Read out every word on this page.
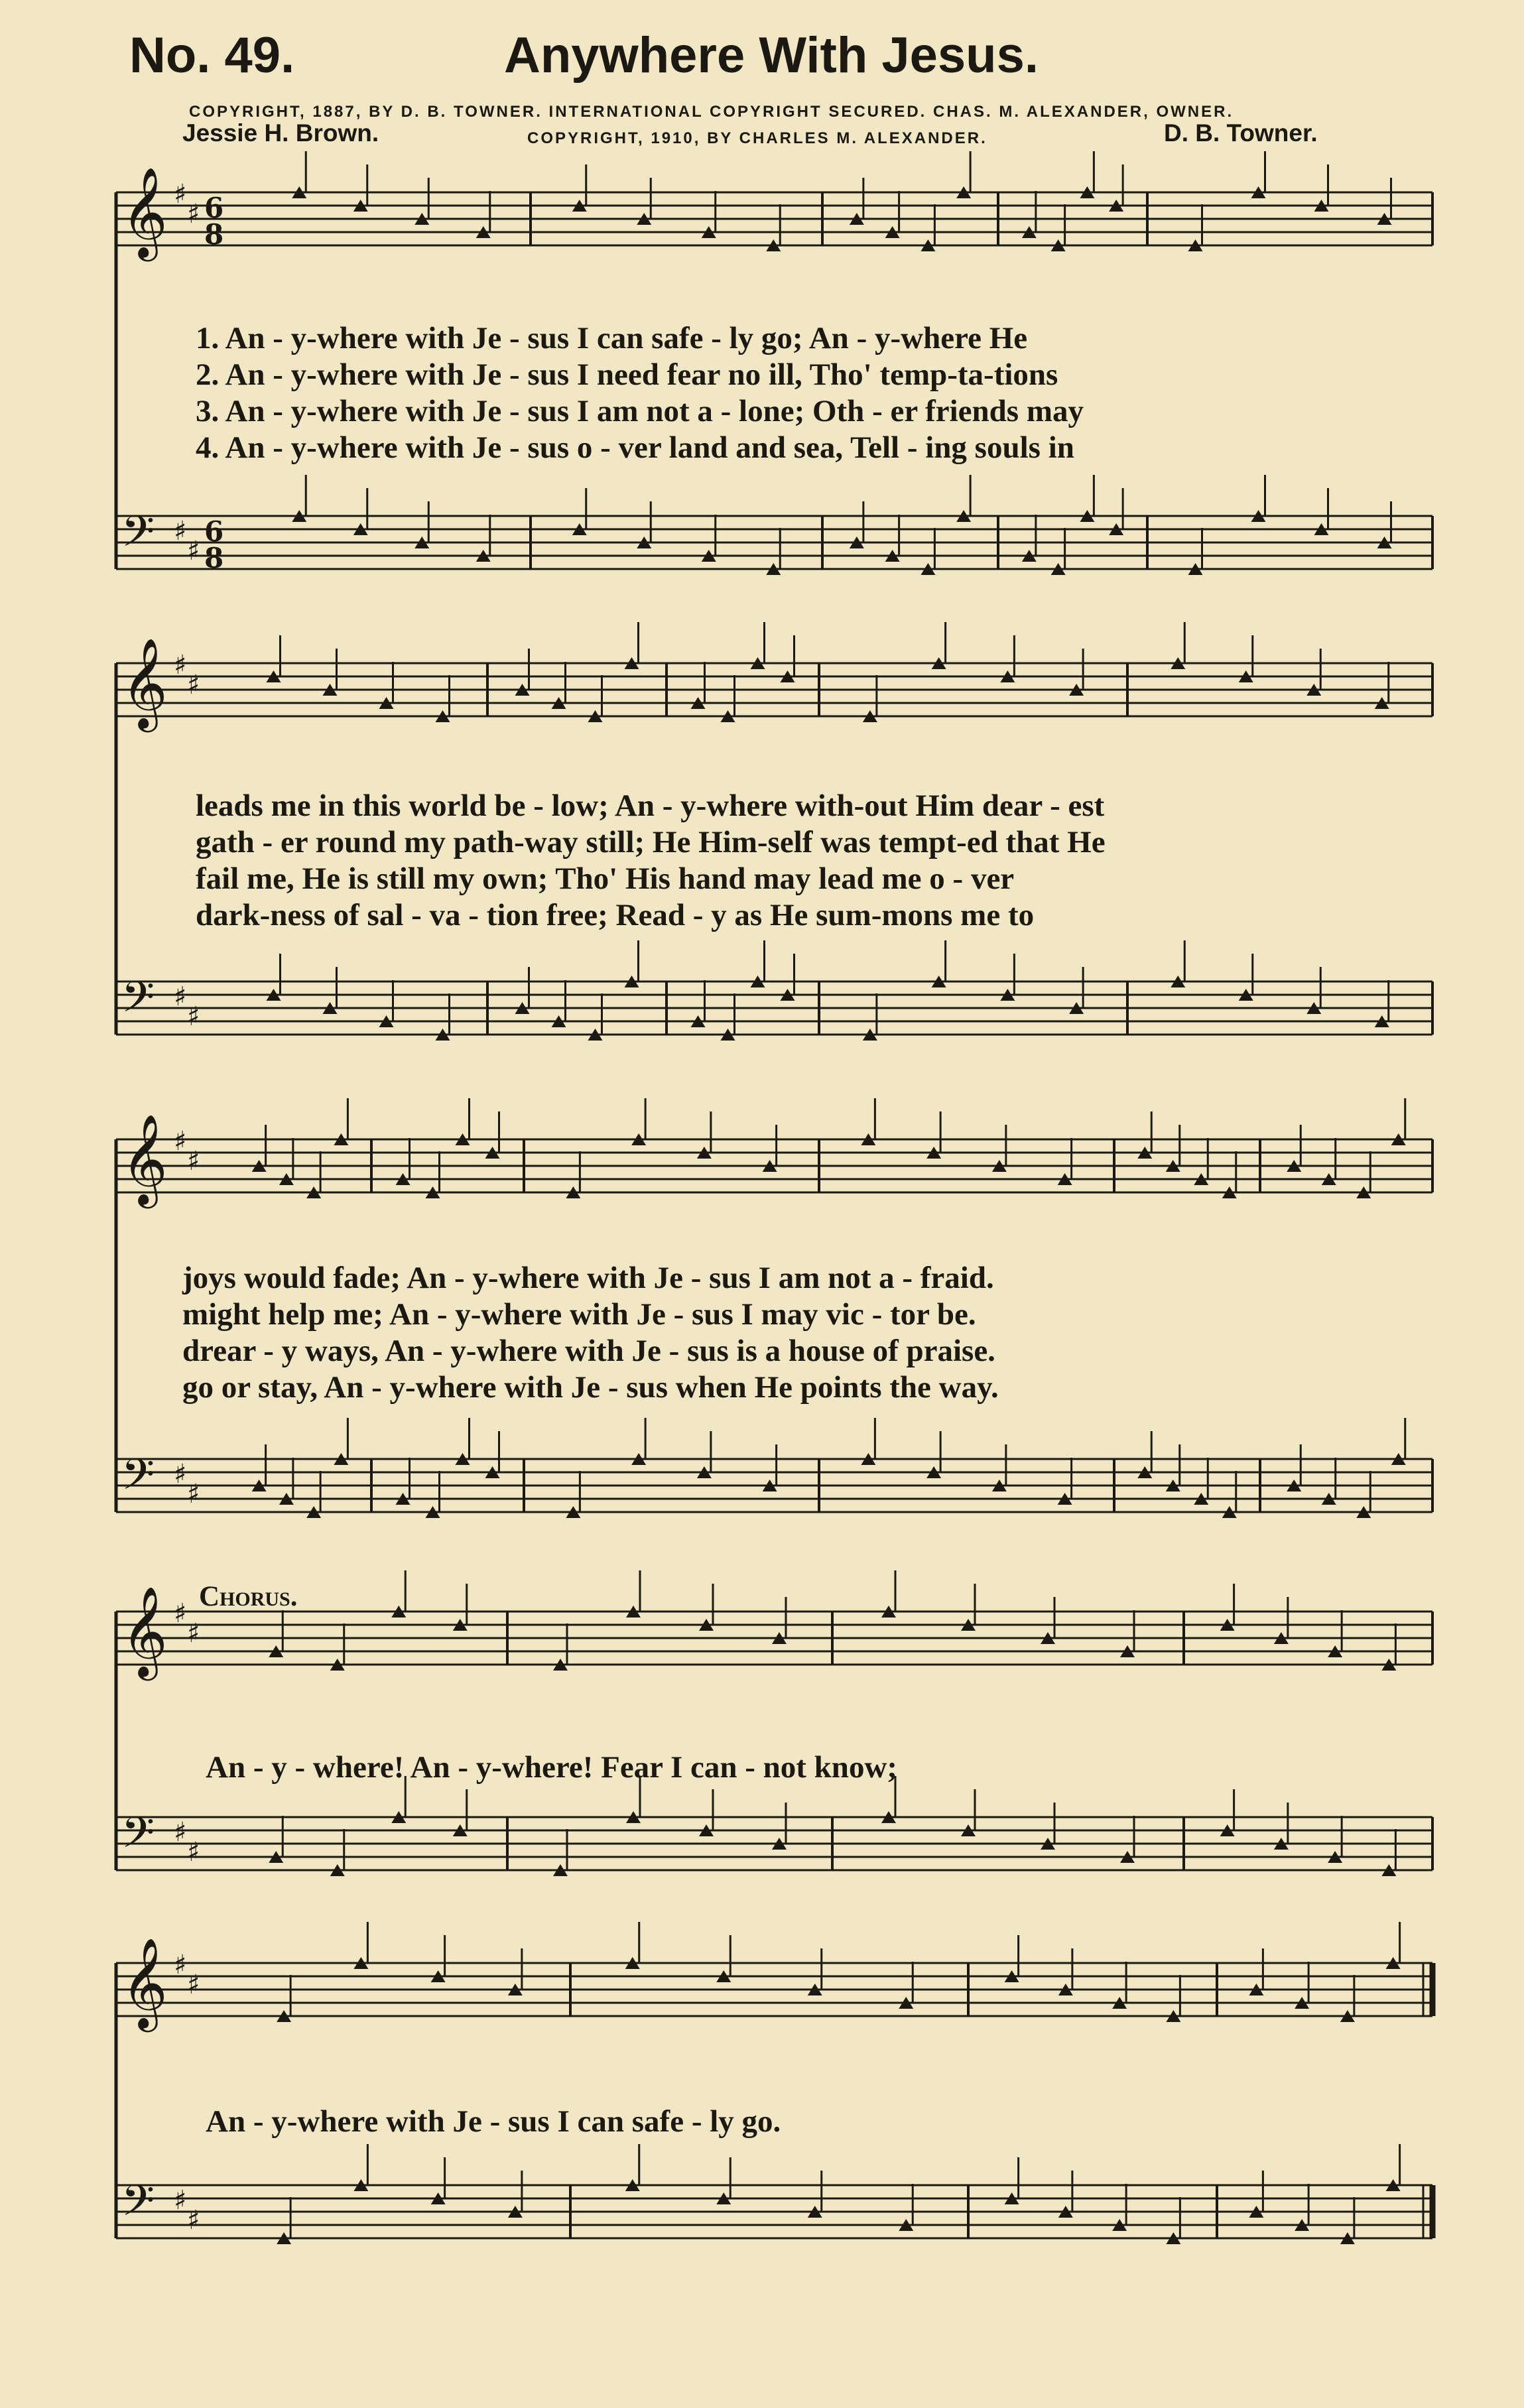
No. 49.	Anywhere With Jesus.
COPYRIGHT, 1887, BY D. B. TOWNER. INTERNATIONAL COPYRIGHT SECURED. CHAS. M. ALEXANDER, OWNER.
Jessie H. Brown.	COPYRIGHT, 1910, BY CHARLES M. ALEXANDER.	D. B. Towner.
𝄞 ♯
♯ 6
8
𝄢 ♯
♯
6
8
𝄞 ♯
♯
𝄢 ♯
♯
𝄞 ♯
♯
𝄢 ♯
♯
𝄞 ♯
♯
𝄢 ♯
♯
𝄞 ♯
♯
𝄢 ♯
♯
1. An - y-where with Je - sus I can safe - ly go; An - y-where He
2. An - y-where with Je - sus I need fear no ill, Tho' temp-ta-tions
3. An - y-where with Je - sus I am not a - lone; Oth - er friends may
4. An - y-where with Je - sus o - ver land and sea, Tell - ing souls in
leads me in this world be - low; An - y-where with-out Him dear - est
gath - er round my path-way still; He Him-self was tempt-ed that He
fail me, He is still my own; Tho' His hand may lead me o - ver
dark-ness of sal - va - tion free; Read - y as He sum-mons me to
joys would fade; An - y-where with Je - sus I am not a - fraid.
might help me; An - y-where with Je - sus I may vic - tor be.
drear - y ways, An - y-where with Je - sus is a house of praise.
go or stay, An - y-where with Je - sus when He points the way.
Chorus.
An - y - where! An - y-where! Fear I can - not know;
An - y-where with Je - sus I can safe - ly go.
